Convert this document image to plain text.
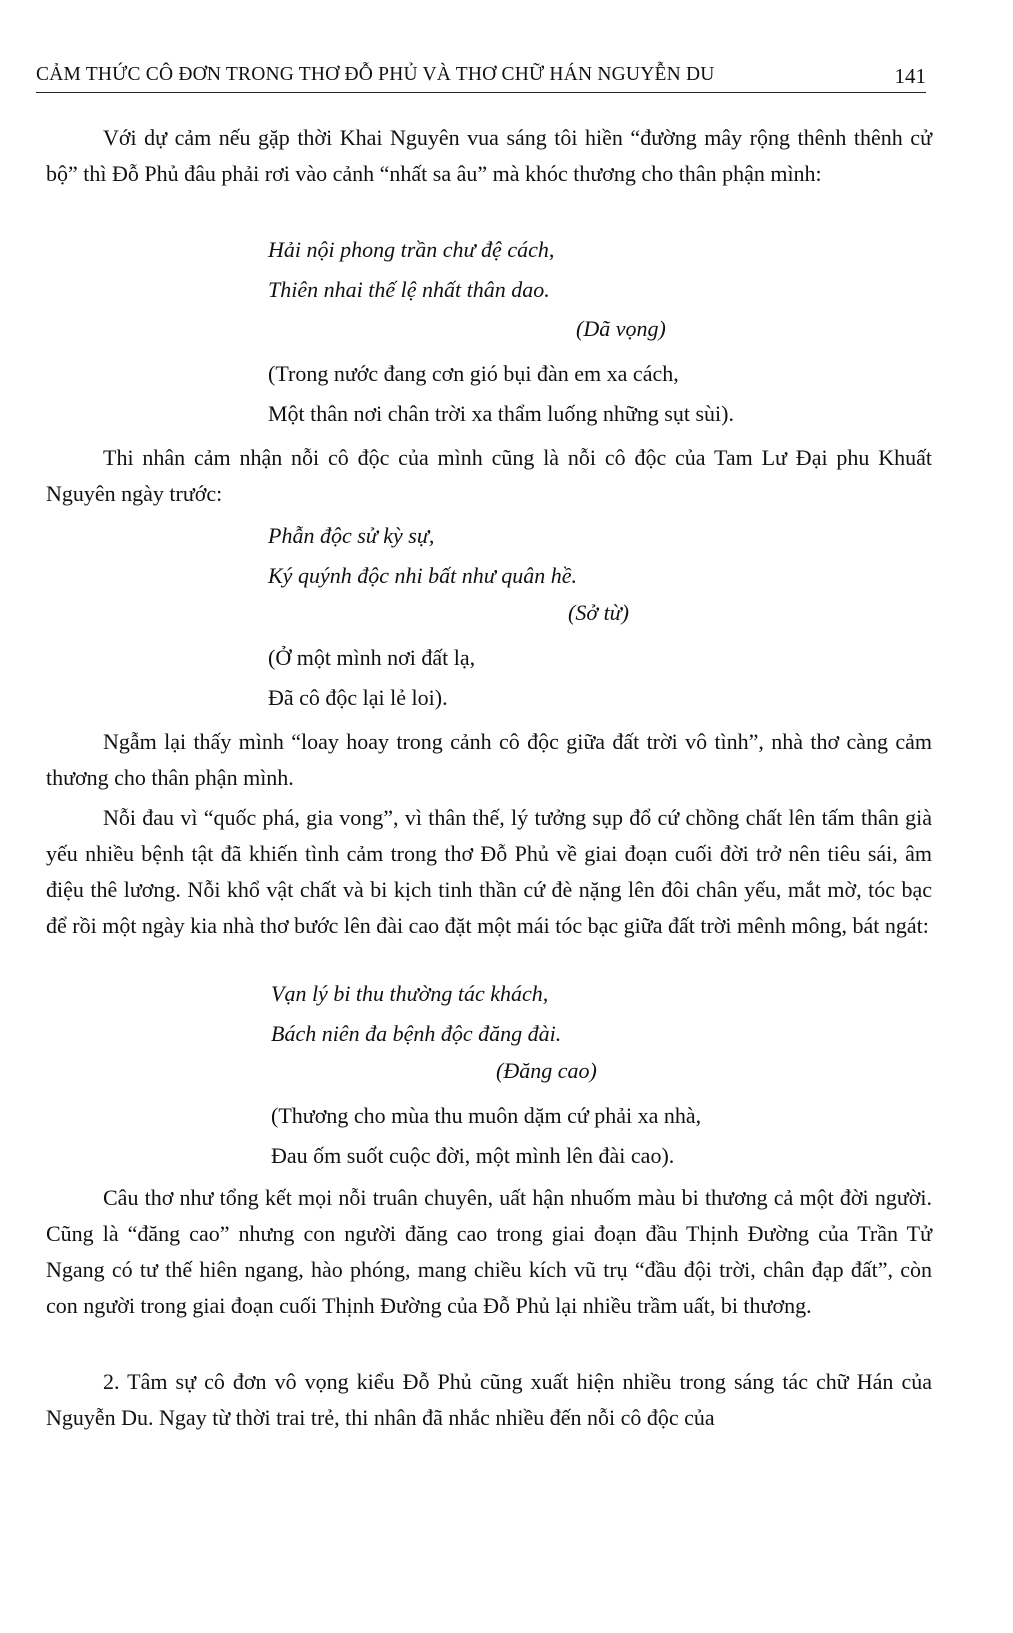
CẢM THỨC CÔ ĐƠN TRONG THƠ ĐỖ PHỦ VÀ THƠ CHỮ HÁN NGUYỄN DU	141

Với dự cảm nếu gặp thời Khai Nguyên vua sáng tôi hiền “đường mây rộng thênh thênh cử bộ” thì Đỗ Phủ đâu phải rơi vào cảnh “nhất sa âu” mà khóc thương cho thân phận mình:

Hải nội phong trần chư đệ cách,

Thiên nhai thế lệ nhất thân dao.

(Dã vọng)

(Trong nước đang cơn gió bụi đàn em xa cách,

Một thân nơi chân trời xa thẩm luống những sụt sùi).

Thi nhân cảm nhận nỗi cô độc của mình cũng là nỗi cô độc của Tam Lư Đại phu Khuất Nguyên ngày trước:

Phẫn độc sử kỳ sự,

Ký quýnh độc nhi bất như quân hề.

(Sở từ)

(Ở một mình nơi đất lạ,

Đã cô độc lại lẻ loi).

Ngẫm lại thấy mình “loay hoay trong cảnh cô độc giữa đất trời vô tình”, nhà thơ càng cảm thương cho thân phận mình.

Nỗi đau vì “quốc phá, gia vong”, vì thân thế, lý tưởng sụp đổ cứ chồng chất lên tấm thân già yếu nhiều bệnh tật đã khiến tình cảm trong thơ Đỗ Phủ về giai đoạn cuối đời trở nên tiêu sái, âm điệu thê lương. Nỗi khổ vật chất và bi kịch tinh thần cứ đè nặng lên đôi chân yếu, mắt mờ, tóc bạc để rồi một ngày kia nhà thơ bước lên đài cao đặt một mái tóc bạc giữa đất trời mênh mông, bát ngát:

Vạn lý bi thu thường tác khách,

Bách niên đa bệnh độc đăng đài.

(Đăng cao)

(Thương cho mùa thu muôn dặm cứ phải xa nhà,

Đau ốm suốt cuộc đời, một mình lên đài cao).

Câu thơ như tổng kết mọi nỗi truân chuyên, uất hận nhuốm màu bi thương cả một đời người. Cũng là “đăng cao” nhưng con người đăng cao trong giai đoạn đầu Thịnh Đường của Trần Tử Ngang có tư thế hiên ngang, hào phóng, mang chiều kích vũ trụ “đầu đội trời, chân đạp đất”, còn con người trong giai đoạn cuối Thịnh Đường của Đỗ Phủ lại nhiều trầm uất, bi thương.

2. Tâm sự cô đơn vô vọng kiểu Đỗ Phủ cũng xuất hiện nhiều trong sáng tác chữ Hán của Nguyễn Du. Ngay từ thời trai trẻ, thi nhân đã nhắc nhiều đến nỗi cô độc của
